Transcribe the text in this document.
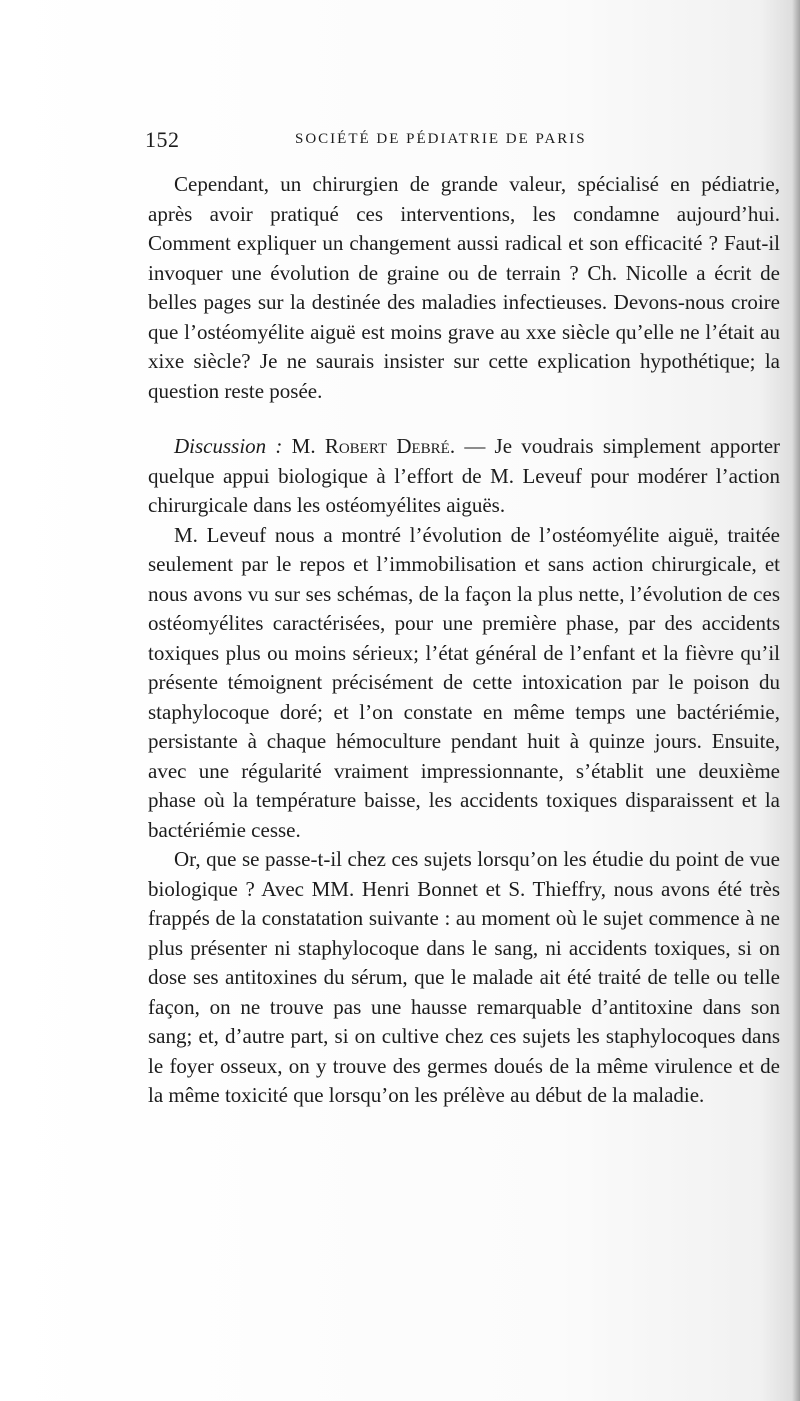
152	SOCIÉTÉ DE PÉDIATRIE DE PARIS

Cependant, un chirurgien de grande valeur, spécialisé en pédiatrie, après avoir pratiqué ces interventions, les condamne aujourd’hui. Comment expliquer un changement aussi radical et son efficacité ? Faut-il invoquer une évolution de graine ou de terrain ? Ch. Nicolle a écrit de belles pages sur la destinée des maladies infectieuses. Devons-nous croire que l’ostéomyélite aiguë est moins grave au xxe siècle qu’elle ne l’était au xixe siècle? Je ne saurais insister sur cette explication hypothétique; la question reste posée.

Discussion : M. Robert Debré. — Je voudrais simplement apporter quelque appui biologique à l’effort de M. Leveuf pour modérer l’action chirurgicale dans les ostéomyélites aiguës.

M. Leveuf nous a montré l’évolution de l’ostéomyélite aiguë, traitée seulement par le repos et l’immobilisation et sans action chirurgicale, et nous avons vu sur ses schémas, de la façon la plus nette, l’évolution de ces ostéomyélites caractérisées, pour une première phase, par des accidents toxiques plus ou moins sérieux; l’état général de l’enfant et la fièvre qu’il présente témoignent précisément de cette intoxication par le poison du staphylocoque doré; et l’on constate en même temps une bactériémie, persistante à chaque hémoculture pendant huit à quinze jours. Ensuite, avec une régularité vraiment impressionnante, s’établit une deuxième phase où la température baisse, les accidents toxiques disparaissent et la bactériémie cesse.

Or, que se passe-t-il chez ces sujets lorsqu’on les étudie du point de vue biologique ? Avec MM. Henri Bonnet et S. Thieffry, nous avons été très frappés de la constatation suivante : au moment où le sujet commence à ne plus présenter ni staphylocoque dans le sang, ni accidents toxiques, si on dose ses antitoxines du sérum, que le malade ait été traité de telle ou telle façon, on ne trouve pas une hausse remarquable d’antitoxine dans son sang; et, d’autre part, si on cultive chez ces sujets les staphylocoques dans le foyer osseux, on y trouve des germes doués de la même virulence et de la même toxicité que lorsqu’on les prélève au début de la maladie.
